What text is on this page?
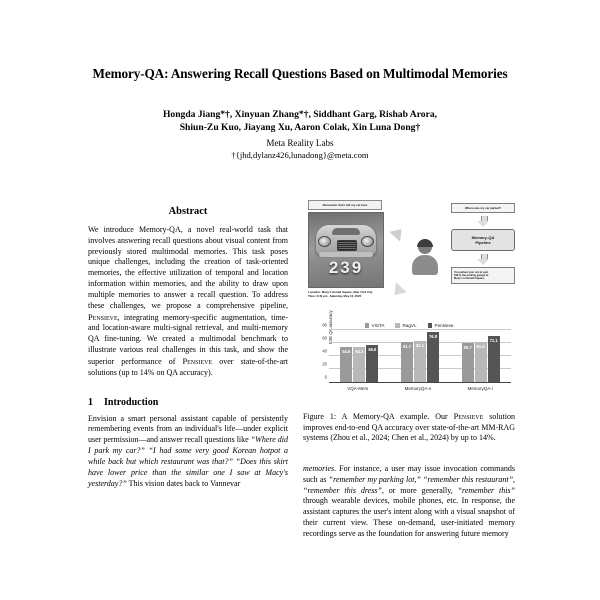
Memory-QA: Answering Recall Questions Based on Multimodal Memories
Hongda Jiang*†, Xinyuan Zhang*†, Siddhant Garg, Rishab Arora,
Shiun-Zu Kuo, Jiayang Xu, Aaron Colak, Xin Luna Dong†
Meta Reality Labs
†{jhd,dylanz426,lunadong}@meta.com
Abstract

We introduce Memory-QA, a novel real-world task that involves answering recall questions about visual content from previously stored multimodal memories. This task poses unique challenges, including the creation of task-oriented memories, the effective utilization of temporal and location information within memories, and the ability to draw upon multiple memories to answer a recall question. To address these challenges, we propose a comprehensive pipeline, Pensieve, integrating memory-specific augmentation, time- and location-aware multi-signal retrieval, and multi-memory QA fine-tuning. We created a multimodal benchmark to illustrate various real challenges in this task, and show the superior performance of Pensieve over state-of-the-art solutions (up to 14% on QA accuracy).

1 Introduction

Envision a smart personal assistant capable of persistently remembering events from an individual's life—under explicit user permission—and answer recall questions like “Where did I park my car?” “I had some very good Korean hotpot a while back but which restaurant was that?” “Does this skirt have lower price than the similar one I saw at Macy's yesterday?” This vision dates back to Vannevar

Remember that I left my car here
239
Location: Macy's Herald Square, New York City
Time: 3:40 pm , Saturday, May 10, 2025
Where was my car parked?
Memory-QA
Pipeline
You parked your car at spot
239 in the parking garage at
Macy's in Herald Square.
VISTA	RagVL	Pensieve
E2E QA accuracy
0
20
40
60
80
54.6 54.3 56.8
61.7 63.1
76.8
59.7 61.6
71.1
VQA-Mem	MemoryQA-s	MemoryQA-i

Figure 1: A Memory-QA example. Our Pensieve solution improves end-to-end QA accuracy over state-of-the-art MM-RAG systems (Zhou et al., 2024; Chen et al., 2024) by up to 14%.

memories. For instance, a user may issue invocation commands such as “remember my parking lot,” “remember this restaurant”, “remember this dress”, or more generally, “remember this” through wearable devices, mobile phones, etc. In response, the assistant captures the user's intent along with a visual snapshot of their current view. These on-demand, user-initiated memory recordings serve as the foundation for answering future memory
